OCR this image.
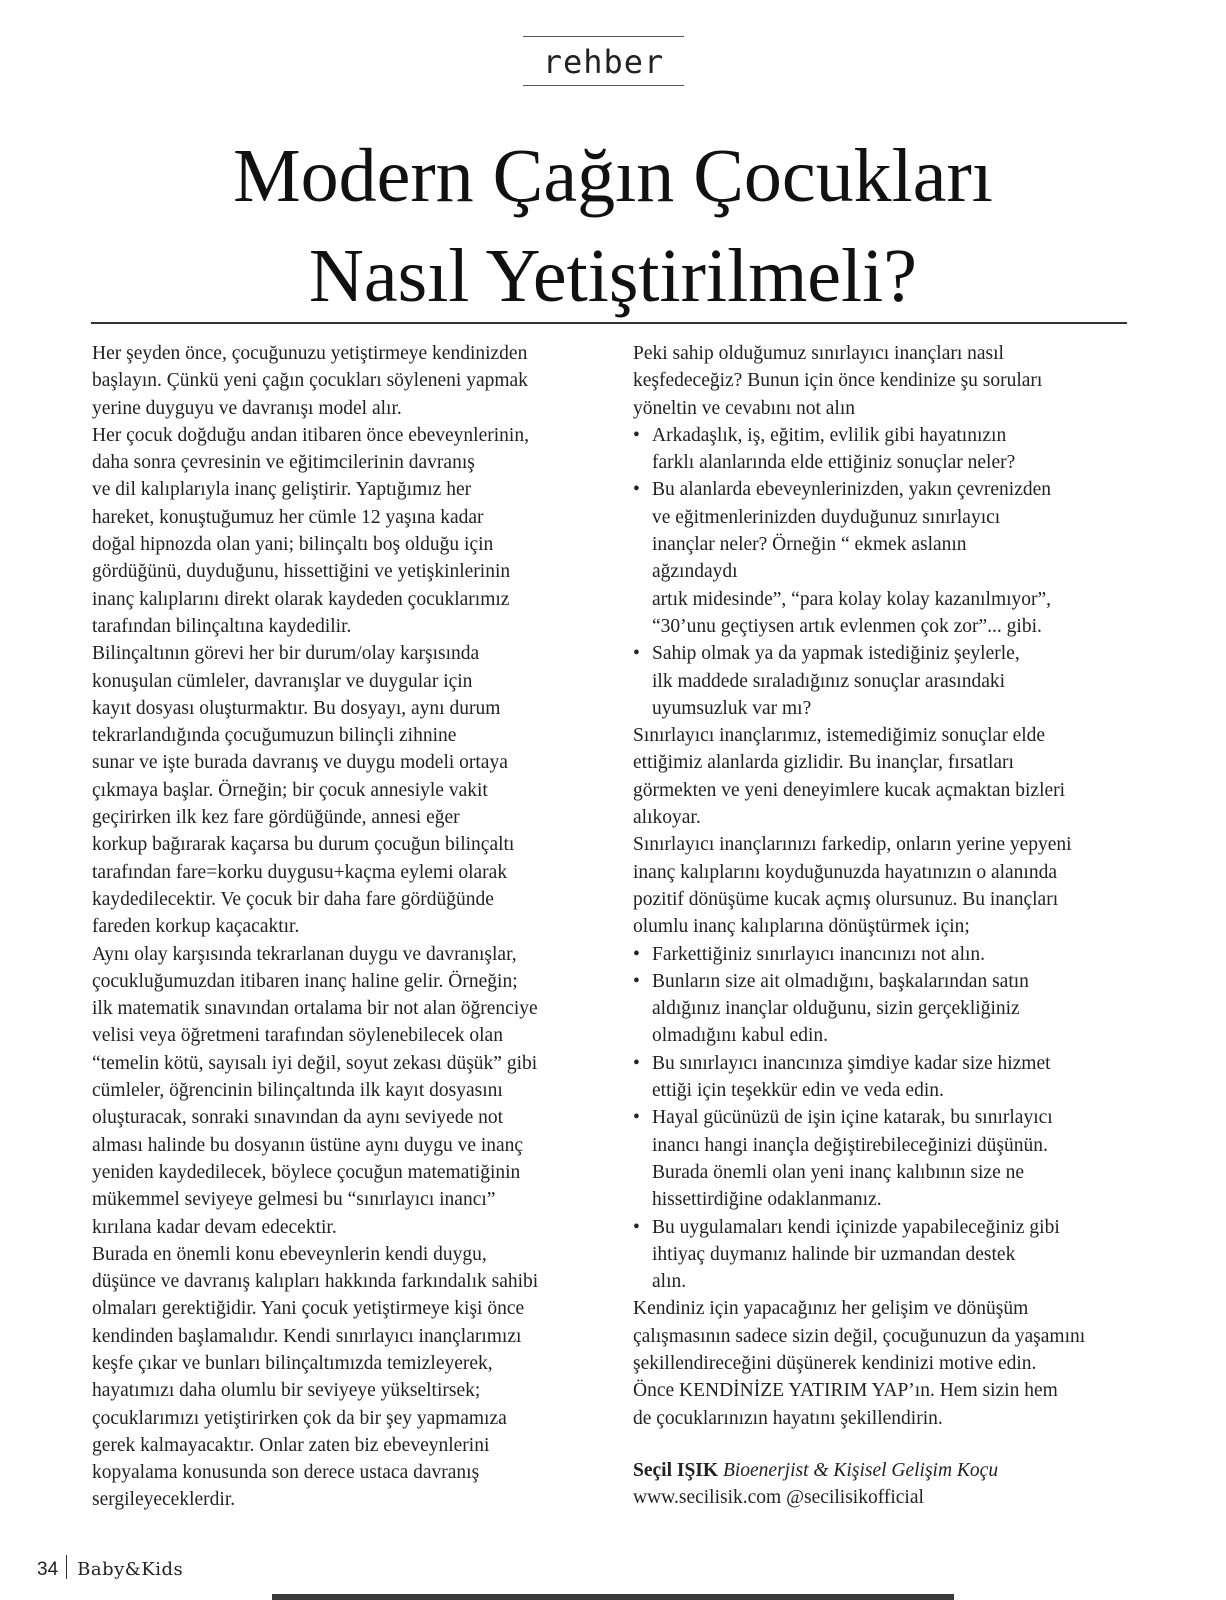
rehber
Modern Çağın Çocukları
Nasıl Yetiştirilmeli?

Her şeyden önce, çocuğunuzu yetiştirmeye kendinizden
başlayın. Çünkü yeni çağın çocukları söyleneni yapmak
yerine duyguyu ve davranışı model alır.

Her çocuk doğduğu andan itibaren önce ebeveynlerinin,
daha sonra çevresinin ve eğitimcilerinin davranış
ve dil kalıplarıyla inanç geliştirir. Yaptığımız her
hareket, konuştuğumuz her cümle 12 yaşına kadar
doğal hipnozda olan yani; bilinçaltı boş olduğu için
gördüğünü, duyduğunu, hissettiğini ve yetişkinlerinin
inanç kalıplarını direkt olarak kaydeden çocuklarımız
tarafından bilinçaltına kaydedilir.

Bilinçaltının görevi her bir durum/olay karşısında
konuşulan cümleler, davranışlar ve duygular için
kayıt dosyası oluşturmaktır. Bu dosyayı, aynı durum
tekrarlandığında çocuğumuzun bilinçli zihnine
sunar ve işte burada davranış ve duygu modeli ortaya
çıkmaya başlar. Örneğin; bir çocuk annesiyle vakit
geçirirken ilk kez fare gördüğünde, annesi eğer
korkup bağırarak kaçarsa bu durum çocuğun bilinçaltı
tarafından fare=korku duygusu+kaçma eylemi olarak
kaydedilecektir. Ve çocuk bir daha fare gördüğünde
fareden korkup kaçacaktır.

Aynı olay karşısında tekrarlanan duygu ve davranışlar,
çocukluğumuzdan itibaren inanç haline gelir. Örneğin;
ilk matematik sınavından ortalama bir not alan öğrenciye
velisi veya öğretmeni tarafından söylenebilecek olan
“temelin kötü, sayısalı iyi değil, soyut zekası düşük” gibi
cümleler, öğrencinin bilinçaltında ilk kayıt dosyasını
oluşturacak, sonraki sınavından da aynı seviyede not
alması halinde bu dosyanın üstüne aynı duygu ve inanç
yeniden kaydedilecek, böylece çocuğun matematiğinin
mükemmel seviyeye gelmesi bu “sınırlayıcı inancı”
kırılana kadar devam edecektir.

Burada en önemli konu ebeveynlerin kendi duygu,
düşünce ve davranış kalıpları hakkında farkındalık sahibi
olmaları gerektiğidir. Yani çocuk yetiştirmeye kişi önce
kendinden başlamalıdır. Kendi sınırlayıcı inançlarımızı
keşfe çıkar ve bunları bilinçaltımızda temizleyerek,
hayatımızı daha olumlu bir seviyeye yükseltirsek;
çocuklarımızı yetiştirirken çok da bir şey yapmamıza
gerek kalmayacaktır. Onlar zaten biz ebeveynlerini
kopyalama konusunda son derece ustaca davranış
sergileyeceklerdir.

Peki sahip olduğumuz sınırlayıcı inançları nasıl
keşfedeceğiz? Bunun için önce kendinize şu soruları
yöneltin ve cevabını not alın

• Arkadaşlık, iş, eğitim, evlilik gibi hayatınızın
farklı alanlarında elde ettiğiniz sonuçlar neler?
• Bu alanlarda ebeveynlerinizden, yakın çevrenizden
ve eğitmenlerinizden duyduğunuz sınırlayıcı
inançlar neler? Örneğin “ ekmek aslanın
ağzındaydı
artık midesinde”, “para kolay kolay kazanılmıyor”,
“30’unu geçtiysen artık evlenmen çok zor”... gibi.
• Sahip olmak ya da yapmak istediğiniz şeylerle,
ilk maddede sıraladığınız sonuçlar arasındaki
uyumsuzluk var mı?

Sınırlayıcı inançlarımız, istemediğimiz sonuçlar elde
ettiğimiz alanlarda gizlidir. Bu inançlar, fırsatları
görmekten ve yeni deneyimlere kucak açmaktan bizleri
alıkoyar.

Sınırlayıcı inançlarınızı farkedip, onların yerine yepyeni
inanç kalıplarını koyduğunuzda hayatınızın o alanında
pozitif dönüşüme kucak açmış olursunuz. Bu inançları
olumlu inanç kalıplarına dönüştürmek için;

• Farkettiğiniz sınırlayıcı inancınızı not alın.
• Bunların size ait olmadığını, başkalarından satın
aldığınız inançlar olduğunu, sizin gerçekliğiniz
olmadığını kabul edin.
• Bu sınırlayıcı inancınıza şimdiye kadar size hizmet
ettiği için teşekkür edin ve veda edin.
• Hayal gücünüzü de işin içine katarak, bu sınırlayıcı
inancı hangi inançla değiştirebileceğinizi düşünün.
Burada önemli olan yeni inanç kalıbının size ne
hissettirdiğine odaklanmanız.
• Bu uygulamaları kendi içinizde yapabileceğiniz gibi
ihtiyaç duymanız halinde bir uzmandan destek
alın.

Kendiniz için yapacağınız her gelişim ve dönüşüm
çalışmasının sadece sizin değil, çocuğunuzun da yaşamını
şekillendireceğini düşünerek kendinizi motive edin.
Önce KENDİNİZE YATIRIM YAP’ın. Hem sizin hem
de çocuklarınızın hayatını şekillendirin.

Seçil IŞIK Bioenerjist & Kişisel Gelişim Koçu
www.secilisik.com @secilisikofficial
34 Baby&Kids
